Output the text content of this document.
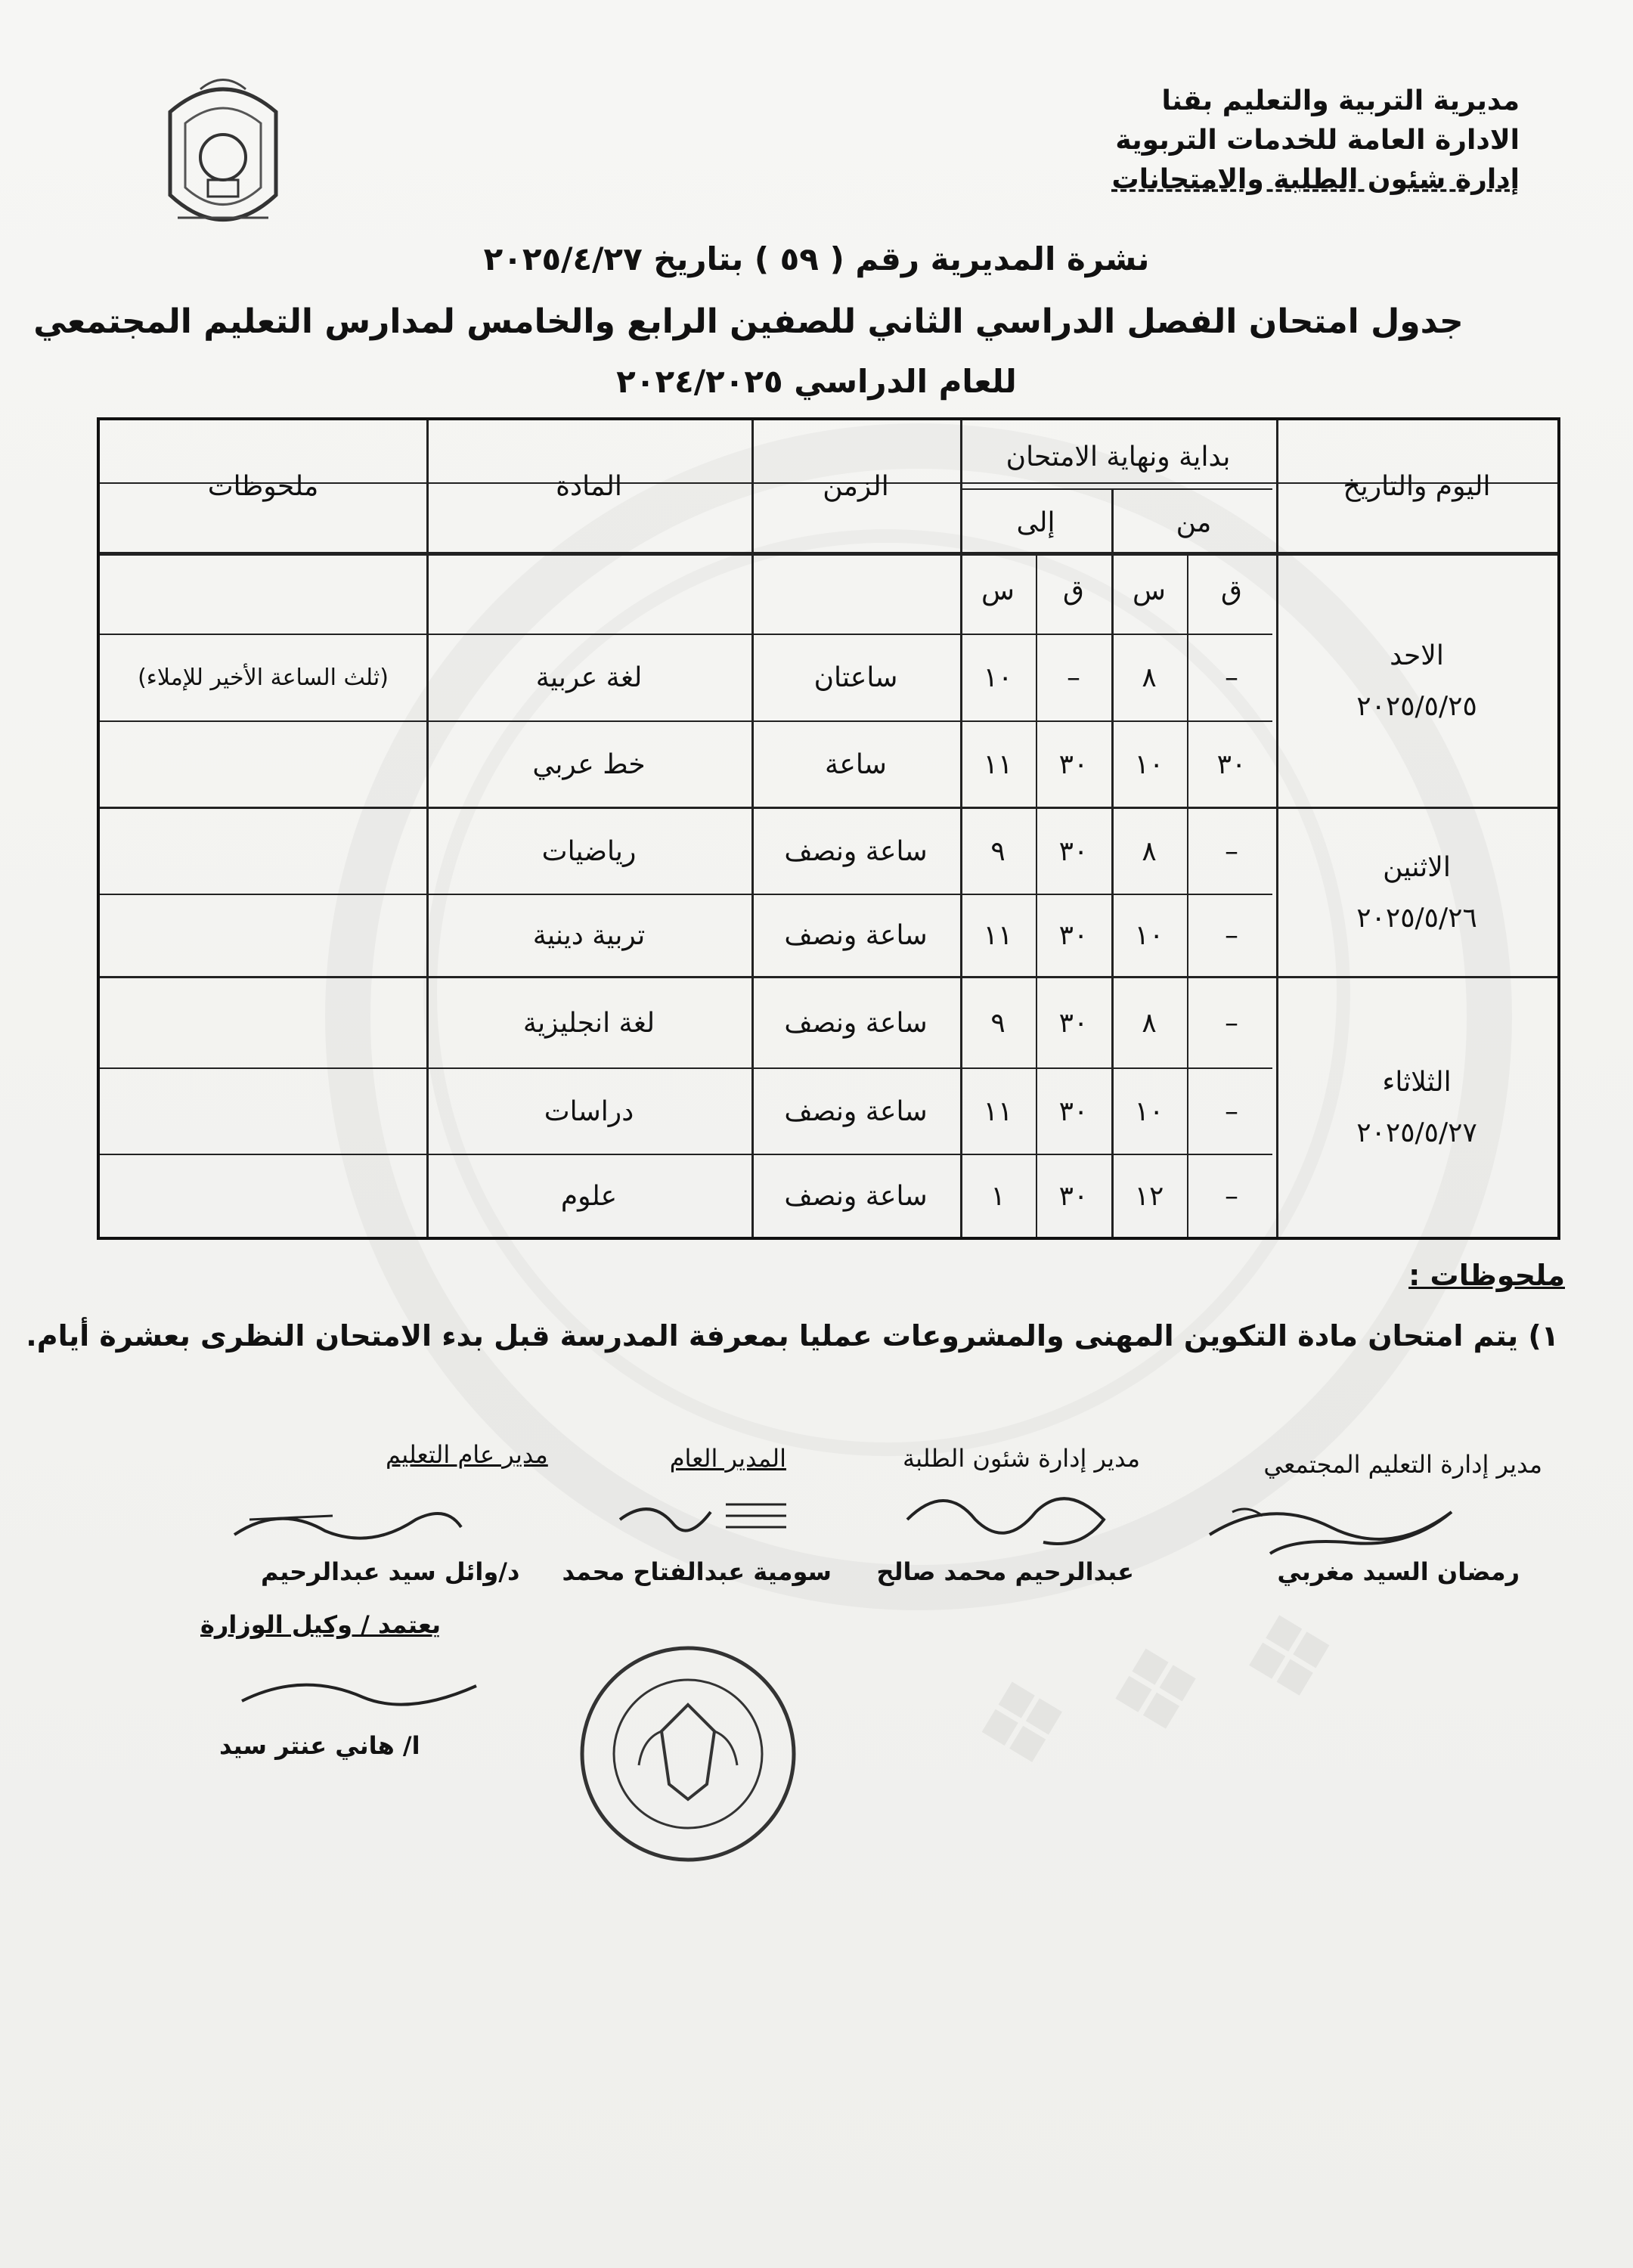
❖ ❖ ❖
مديرية التربية والتعليم بقنا
الادارة العامة للخدمات التربوية
إدارة شئون الطلبة والامتحانات
نشرة المديرية رقم ( ٥٩ ) بتاريخ ٢٠٢٥/٤/٢٧
جدول امتحان الفصل الدراسي الثاني للصفين الرابع والخامس لمدارس التعليم المجتمعي
للعام الدراسي ٢٠٢٤/٢٠٢٥
اليوم والتاريخ
بداية ونهاية الامتحان
من
إلى
الزمن
المادة
ملحوظات
ق
س
ق
س
الاحد
٢٠٢٥/٥/٢٥
الاثنين
٢٠٢٥/٥/٢٦
الثلاثاء
٢٠٢٥/٥/٢٧
–
٨
–
١٠
ساعتان
لغة عربية
(ثلث الساعة الأخير للإملاء)
٣٠
١٠
٣٠
١١
ساعة
خط عربي
–
٨
٣٠
٩
ساعة ونصف
رياضيات
–
١٠
٣٠
١١
ساعة ونصف
تربية دينية
–
٨
٣٠
٩
ساعة ونصف
لغة انجليزية
–
١٠
٣٠
١١
ساعة ونصف
دراسات
–
١٢
٣٠
١
ساعة ونصف
علوم
ملحوظات :
١) يتم امتحان مادة التكوين المهنى والمشروعات عمليا بمعرفة المدرسة قبل بدء الامتحان النظرى بعشرة أيام.
مدير إدارة التعليم المجتمعي
رمضان السيد مغربي
مدير إدارة شئون الطلبة
عبدالرحيم محمد صالح
المدير العام
سومية عبدالفتاح محمد
مدير عام التعليم
د/وائل سيد عبدالرحيم
يعتمد / وكيل الوزارة
ا/ هاني عنتر سيد
